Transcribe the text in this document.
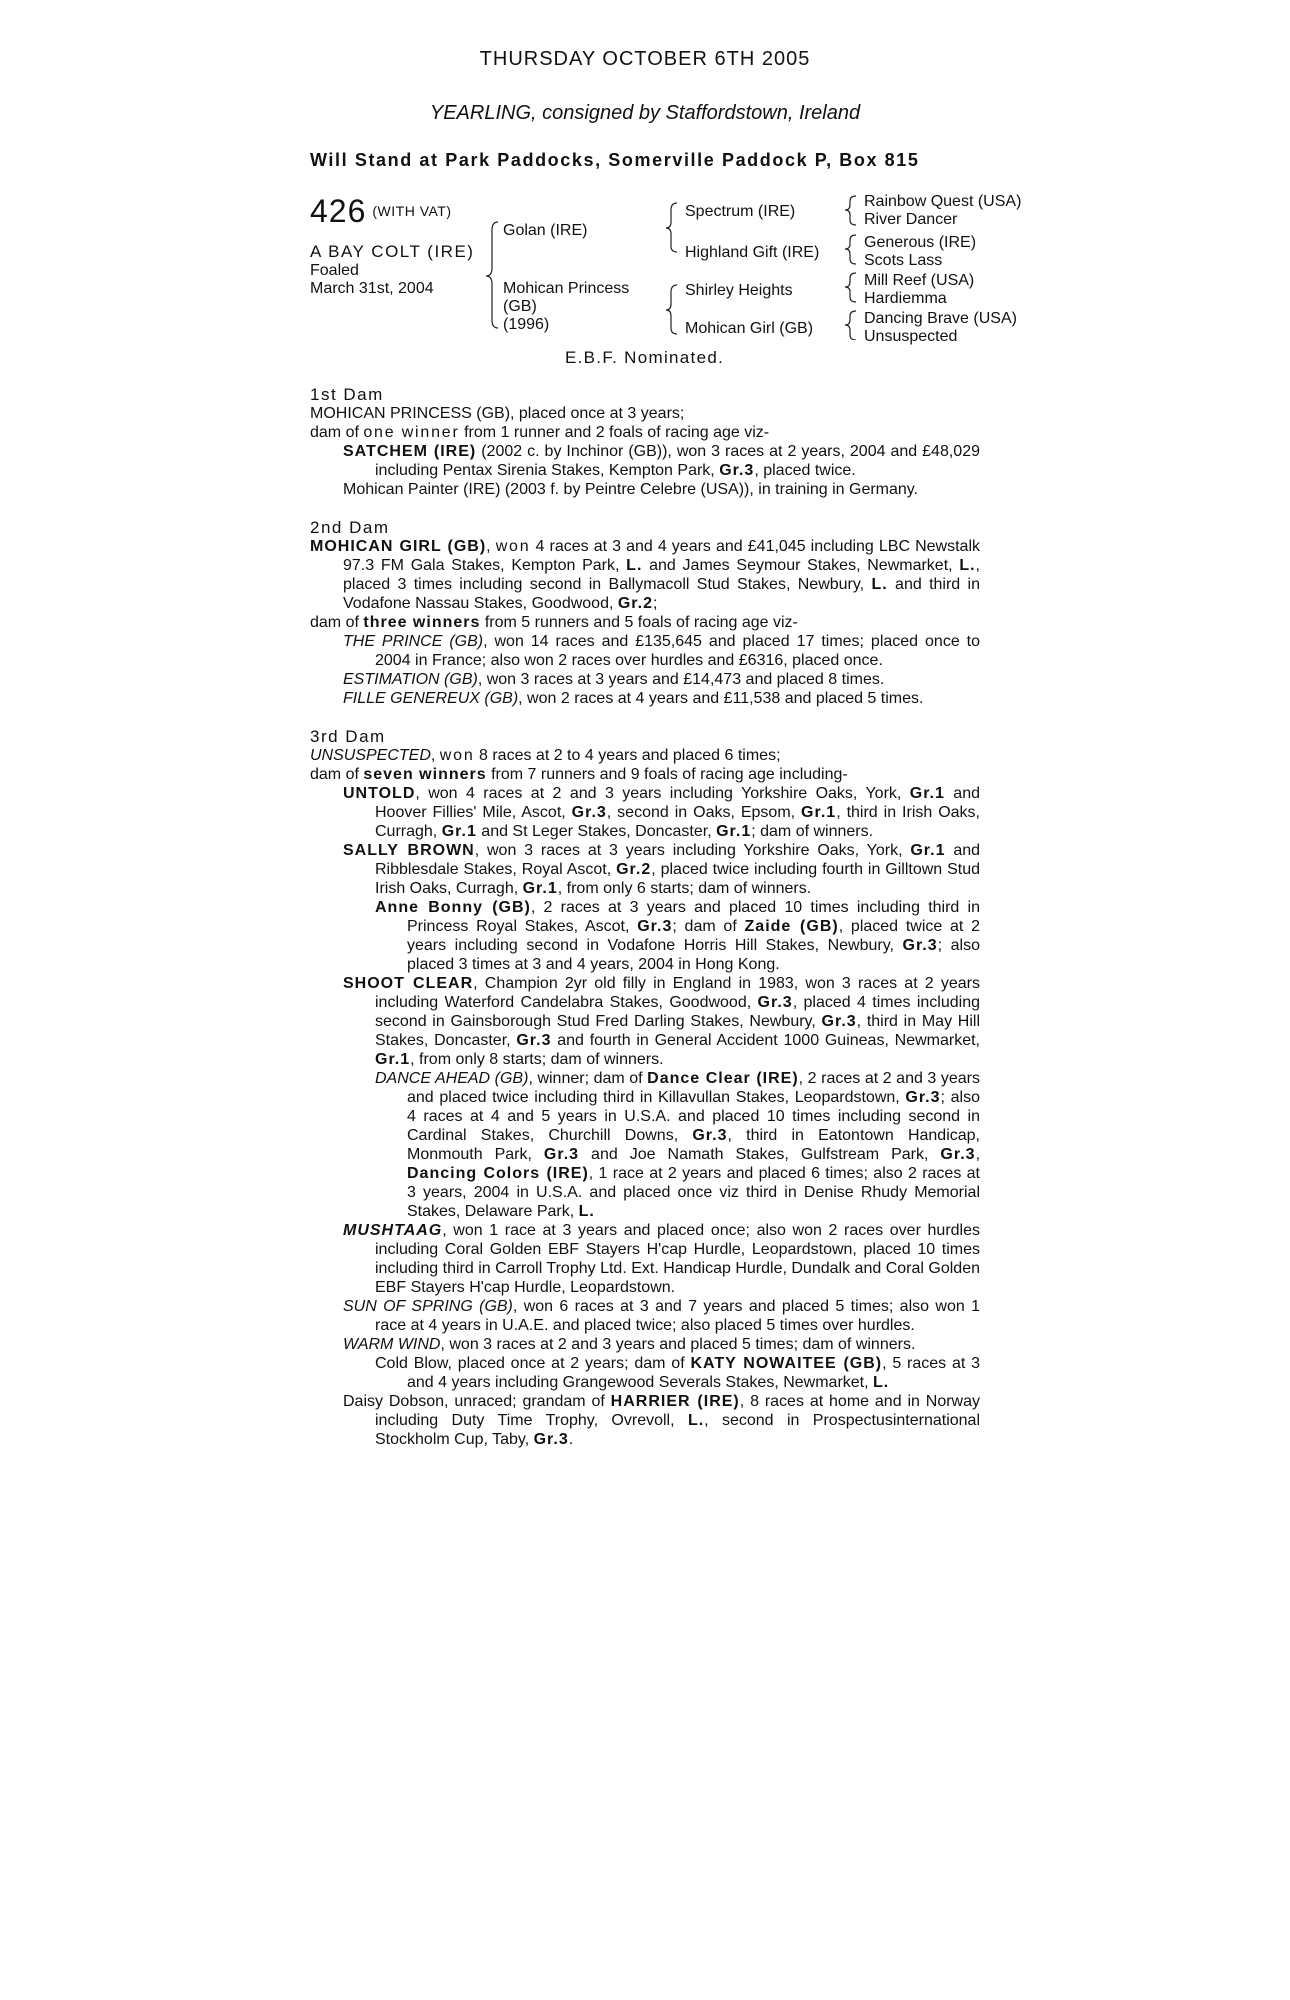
THURSDAY OCTOBER 6TH 2005
YEARLING, consigned by Staffordstown, Ireland
Will Stand at Park Paddocks, Somerville Paddock P, Box 815
426 (WITH VAT)
A BAY COLT (IRE)
Foaled
March 31st, 2004
Golan (IRE)
Mohican Princess
(GB)
(1996)
Spectrum (IRE)
Highland Gift (IRE)
Shirley Heights
Mohican Girl (GB)
Rainbow Quest (USA)
River Dancer
Generous (IRE)
Scots Lass
Mill Reef (USA)
Hardiemma
Dancing Brave (USA)
Unsuspected
E.B.F. Nominated.

1st Dam

MOHICAN PRINCESS (GB), placed once at 3 years;

dam of one winner from 1 runner and 2 foals of racing age viz-

SATCHEM (IRE) (2002 c. by Inchinor (GB)), won 3 races at 2 years, 2004 and £48,029 including Pentax Sirenia Stakes, Kempton Park, Gr.3, placed twice.

Mohican Painter (IRE) (2003 f. by Peintre Celebre (USA)), in training in Germany.

2nd Dam

MOHICAN GIRL (GB), won 4 races at 3 and 4 years and £41,045 including LBC Newstalk 97.3 FM Gala Stakes, Kempton Park, L. and James Seymour Stakes, Newmarket, L., placed 3 times including second in Ballymacoll Stud Stakes, Newbury, L. and third in Vodafone Nassau Stakes, Goodwood, Gr.2;

dam of three winners from 5 runners and 5 foals of racing age viz-

THE PRINCE (GB), won 14 races and £135,645 and placed 17 times; placed once to 2004 in France; also won 2 races over hurdles and £6316, placed once.

ESTIMATION (GB), won 3 races at 3 years and £14,473 and placed 8 times.

FILLE GENEREUX (GB), won 2 races at 4 years and £11,538 and placed 5 times.

3rd Dam

UNSUSPECTED, won 8 races at 2 to 4 years and placed 6 times;

dam of seven winners from 7 runners and 9 foals of racing age including-

UNTOLD, won 4 races at 2 and 3 years including Yorkshire Oaks, York, Gr.1 and Hoover Fillies' Mile, Ascot, Gr.3, second in Oaks, Epsom, Gr.1, third in Irish Oaks, Curragh, Gr.1 and St Leger Stakes, Doncaster, Gr.1; dam of winners.

SALLY BROWN, won 3 races at 3 years including Yorkshire Oaks, York, Gr.1 and Ribblesdale Stakes, Royal Ascot, Gr.2, placed twice including fourth in Gilltown Stud Irish Oaks, Curragh, Gr.1, from only 6 starts; dam of winners.

Anne Bonny (GB), 2 races at 3 years and placed 10 times including third in Princess Royal Stakes, Ascot, Gr.3; dam of Zaide (GB), placed twice at 2 years including second in Vodafone Horris Hill Stakes, Newbury, Gr.3; also placed 3 times at 3 and 4 years, 2004 in Hong Kong.

SHOOT CLEAR, Champion 2yr old filly in England in 1983, won 3 races at 2 years including Waterford Candelabra Stakes, Goodwood, Gr.3, placed 4 times including second in Gainsborough Stud Fred Darling Stakes, Newbury, Gr.3, third in May Hill Stakes, Doncaster, Gr.3 and fourth in General Accident 1000 Guineas, Newmarket, Gr.1, from only 8 starts; dam of winners.

DANCE AHEAD (GB), winner; dam of Dance Clear (IRE), 2 races at 2 and 3 years and placed twice including third in Killavullan Stakes, Leopardstown, Gr.3; also 4 races at 4 and 5 years in U.S.A. and placed 10 times including second in Cardinal Stakes, Churchill Downs, Gr.3, third in Eatontown Handicap, Monmouth Park, Gr.3 and Joe Namath Stakes, Gulfstream Park, Gr.3, Dancing Colors (IRE), 1 race at 2 years and placed 6 times; also 2 races at 3 years, 2004 in U.S.A. and placed once viz third in Denise Rhudy Memorial Stakes, Delaware Park, L.

MUSHTAAG, won 1 race at 3 years and placed once; also won 2 races over hurdles including Coral Golden EBF Stayers H'cap Hurdle, Leopardstown, placed 10 times including third in Carroll Trophy Ltd. Ext. Handicap Hurdle, Dundalk and Coral Golden EBF Stayers H'cap Hurdle, Leopardstown.

SUN OF SPRING (GB), won 6 races at 3 and 7 years and placed 5 times; also won 1 race at 4 years in U.A.E. and placed twice; also placed 5 times over hurdles.

WARM WIND, won 3 races at 2 and 3 years and placed 5 times; dam of winners.

Cold Blow, placed once at 2 years; dam of KATY NOWAITEE (GB), 5 races at 3 and 4 years including Grangewood Severals Stakes, Newmarket, L.

Daisy Dobson, unraced; grandam of HARRIER (IRE), 8 races at home and in Norway including Duty Time Trophy, Ovrevoll, L., second in Prospectusinternational Stockholm Cup, Taby, Gr.3.
